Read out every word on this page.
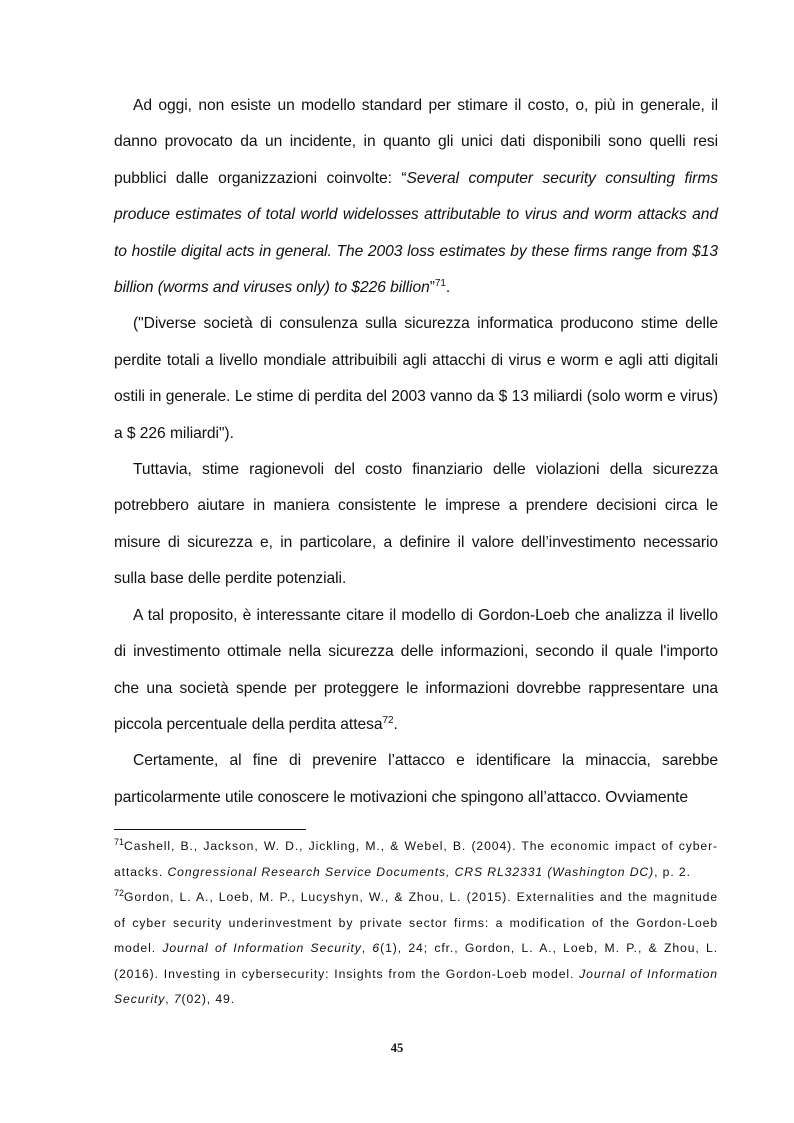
Ad oggi, non esiste un modello standard per stimare il costo, o, più in generale, il danno provocato da un incidente, in quanto gli unici dati disponibili sono quelli resi pubblici dalle organizzazioni coinvolte: “Several computer security consulting firms produce estimates of total world widelosses attributable to virus and worm attacks and to hostile digital acts in general. The 2003 loss estimates by these firms range from $13 billion (worms and viruses only) to $226 billion”$^{71}$.

("Diverse società di consulenza sulla sicurezza informatica producono stime delle perdite totali a livello mondiale attribuibili agli attacchi di virus e worm e agli atti digitali ostili in generale. Le stime di perdita del 2003 vanno da $ 13 miliardi (solo worm e virus) a $ 226 miliardi").

Tuttavia, stime ragionevoli del costo finanziario delle violazioni della sicurezza potrebbero aiutare in maniera consistente le imprese a prendere decisioni circa le misure di sicurezza e, in particolare, a definire il valore dell’investimento necessario sulla base delle perdite potenziali.

A tal proposito, è interessante citare il modello di Gordon-Loeb che analizza il livello di investimento ottimale nella sicurezza delle informazioni, secondo il quale l'importo che una società spende per proteggere le informazioni dovrebbe rappresentare una piccola percentuale della perdita attesa$^{72}$.

Certamente, al fine di prevenire l’attacco e identificare la minaccia, sarebbe particolarmente utile conoscere le motivazioni che spingono all’attacco. Ovviamente

$^{71}$Cashell, B., Jackson, W. D., Jickling, M., & Webel, B. (2004). The economic impact of cyber-attacks. Congressional Research Service Documents, CRS RL32331 (Washington DC), p. 2.

$^{72}$Gordon, L. A., Loeb, M. P., Lucyshyn, W., & Zhou, L. (2015). Externalities and the magnitude of cyber security underinvestment by private sector firms: a modification of the Gordon-Loeb model. Journal of Information Security, 6(1), 24; cfr., Gordon, L. A., Loeb, M. P., & Zhou, L. (2016). Investing in cybersecurity: Insights from the Gordon-Loeb model. Journal of Information Security, 7(02), 49.

45
